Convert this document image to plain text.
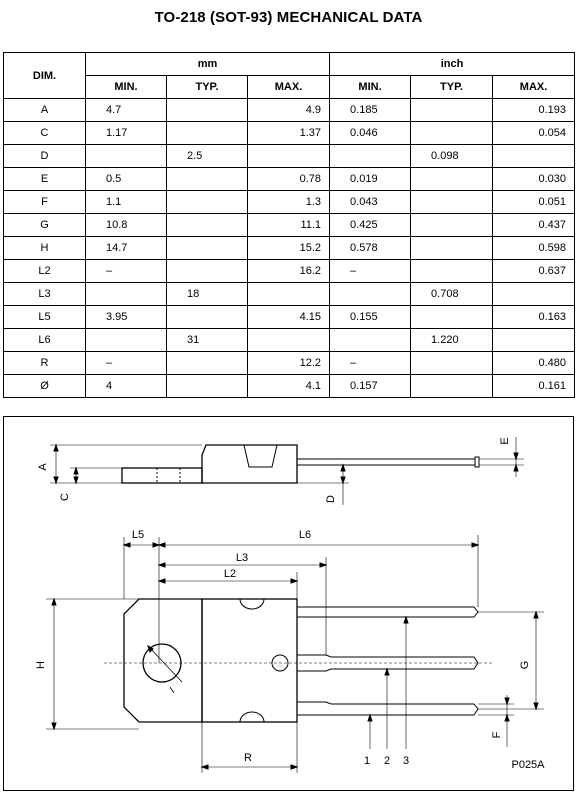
TO-218 (SOT-93) MECHANICAL DATA
DIM.	mm			inch		
	MIN.	TYP.	MAX.	MIN.	TYP.	MAX.
A	4.7		4.9	0.185		0.193
C	1.17		1.37	0.046		0.054
D		2.5			0.098	
E	0.5		0.78	0.019		0.030
F	1.1		1.3	0.043		0.051
G	10.8		11.1	0.425		0.437
H	14.7		15.2	0.578		0.598
L2	–		16.2	–		0.637
L3		18			0.708	
L5	3.95		4.15	0.155		0.163
L6		31			1.220	
R	–		12.2	–		0.480
Ø	4		4.1	0.157		0.161
A
C	D
E
L5	L6
L3
L2
H
R
G
F
1 2 3	P025A
